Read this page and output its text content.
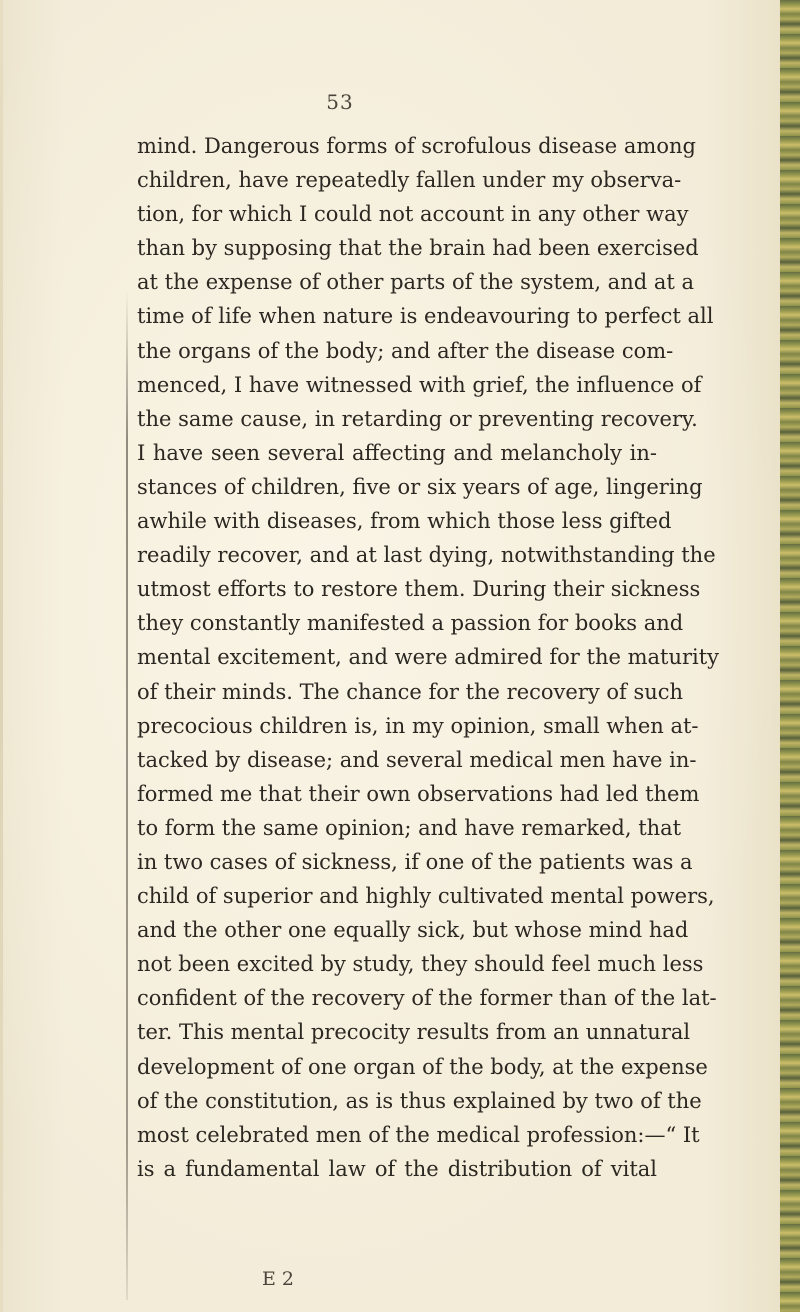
53
mind. Dangerous forms of scrofulous disease among
children, have repeatedly fallen under my observa-
tion, for which I could not account in any other way
than by supposing that the brain had been exercised
at the expense of other parts of the system, and at a
time of life when nature is endeavouring to perfect all
the organs of the body; and after the disease com-
menced, I have witnessed with grief, the influence of
the same cause, in retarding or preventing recovery.
I have seen several affecting and melancholy in-
stances of children, five or six years of age, lingering
awhile with diseases, from which those less gifted
readily recover, and at last dying, notwithstanding the
utmost efforts to restore them. During their sickness
they constantly manifested a passion for books and
mental excitement, and were admired for the maturity
of their minds. The chance for the recovery of such
precocious children is, in my opinion, small when at-
tacked by disease; and several medical men have in-
formed me that their own observations had led them
to form the same opinion; and have remarked, that
in two cases of sickness, if one of the patients was a
child of superior and highly cultivated mental powers,
and the other one equally sick, but whose mind had
not been excited by study, they should feel much less
confident of the recovery of the former than of the lat-
ter. This mental precocity results from an unnatural
development of one organ of the body, at the expense
of the constitution, as is thus explained by two of the
most celebrated men of the medical profession:—“ It
is a fundamental law of the distribution of vital
E 2
